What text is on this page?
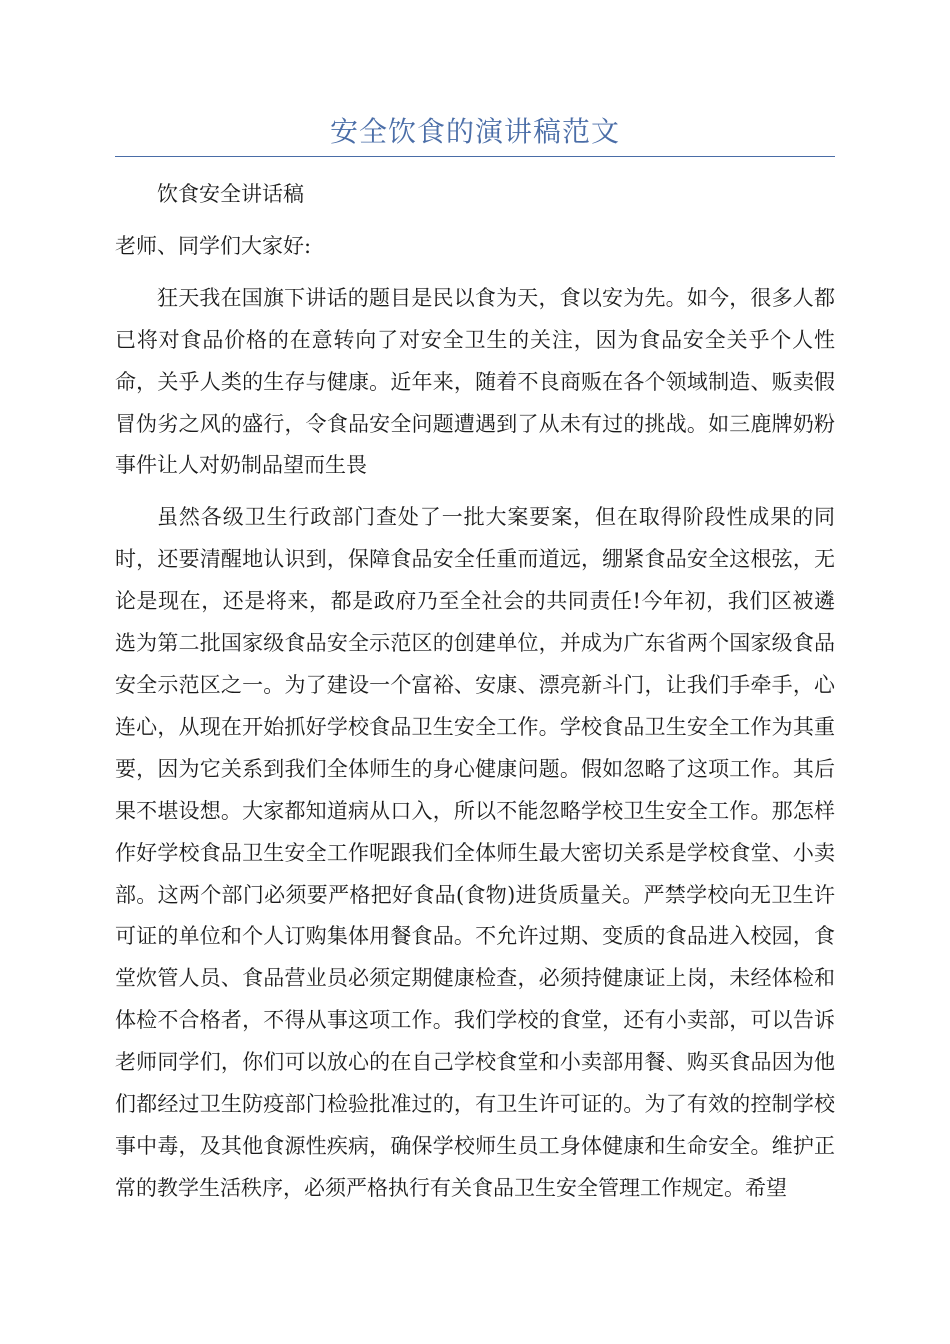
安全饮食的演讲稿范文

饮食安全讲话稿

老师、同学们大家好:

狂天我在国旗下讲话的题目是民以食为天，食以安为先。如今，很多人都已将对食品价格的在意转向了对安全卫生的关注，因为食品安全关乎个人性命，关乎人类的生存与健康。近年来，随着不良商贩在各个领域制造、贩卖假冒伪劣之风的盛行，令食品安全问题遭遇到了从未有过的挑战。如三鹿牌奶粉事件让人对奶制品望而生畏

虽然各级卫生行政部门查处了一批大案要案，但在取得阶段性成果的同时，还要清醒地认识到，保障食品安全任重而道远，绷紧食品安全这根弦，无论是现在，还是将来，都是政府乃至全社会的共同责任!今年初，我们区被遴选为第二批国家级食品安全示范区的创建单位，并成为广东省两个国家级食品安全示范区之一。为了建设一个富裕、安康、漂亮新斗门，让我们手牵手，心连心，从现在开始抓好学校食品卫生安全工作。学校食品卫生安全工作为其重要，因为它关系到我们全体师生的身心健康问题。假如忽略了这项工作。其后果不堪设想。大家都知道病从口入，所以不能忽略学校卫生安全工作。那怎样作好学校食品卫生安全工作呢跟我们全体师生最大密切关系是学校食堂、小卖部。这两个部门必须要严格把好食品(食物)进货质量关。严禁学校向无卫生许可证的单位和个人订购集体用餐食品。不允许过期、变质的食品进入校园，食堂炊管人员、食品营业员必须定期健康检查，必须持健康证上岗，未经体检和体检不合格者，不得从事这项工作。我们学校的食堂，还有小卖部，可以告诉老师同学们，你们可以放心的在自己学校食堂和小卖部用餐、购买食品因为他们都经过卫生防疫部门检验批准过的，有卫生许可证的。为了有效的控制学校事中毒，及其他食源性疾病，确保学校师生员工身体健康和生命安全。维护正常的教学生活秩序，必须严格执行有关食品卫生安全管理工作规定。希望
